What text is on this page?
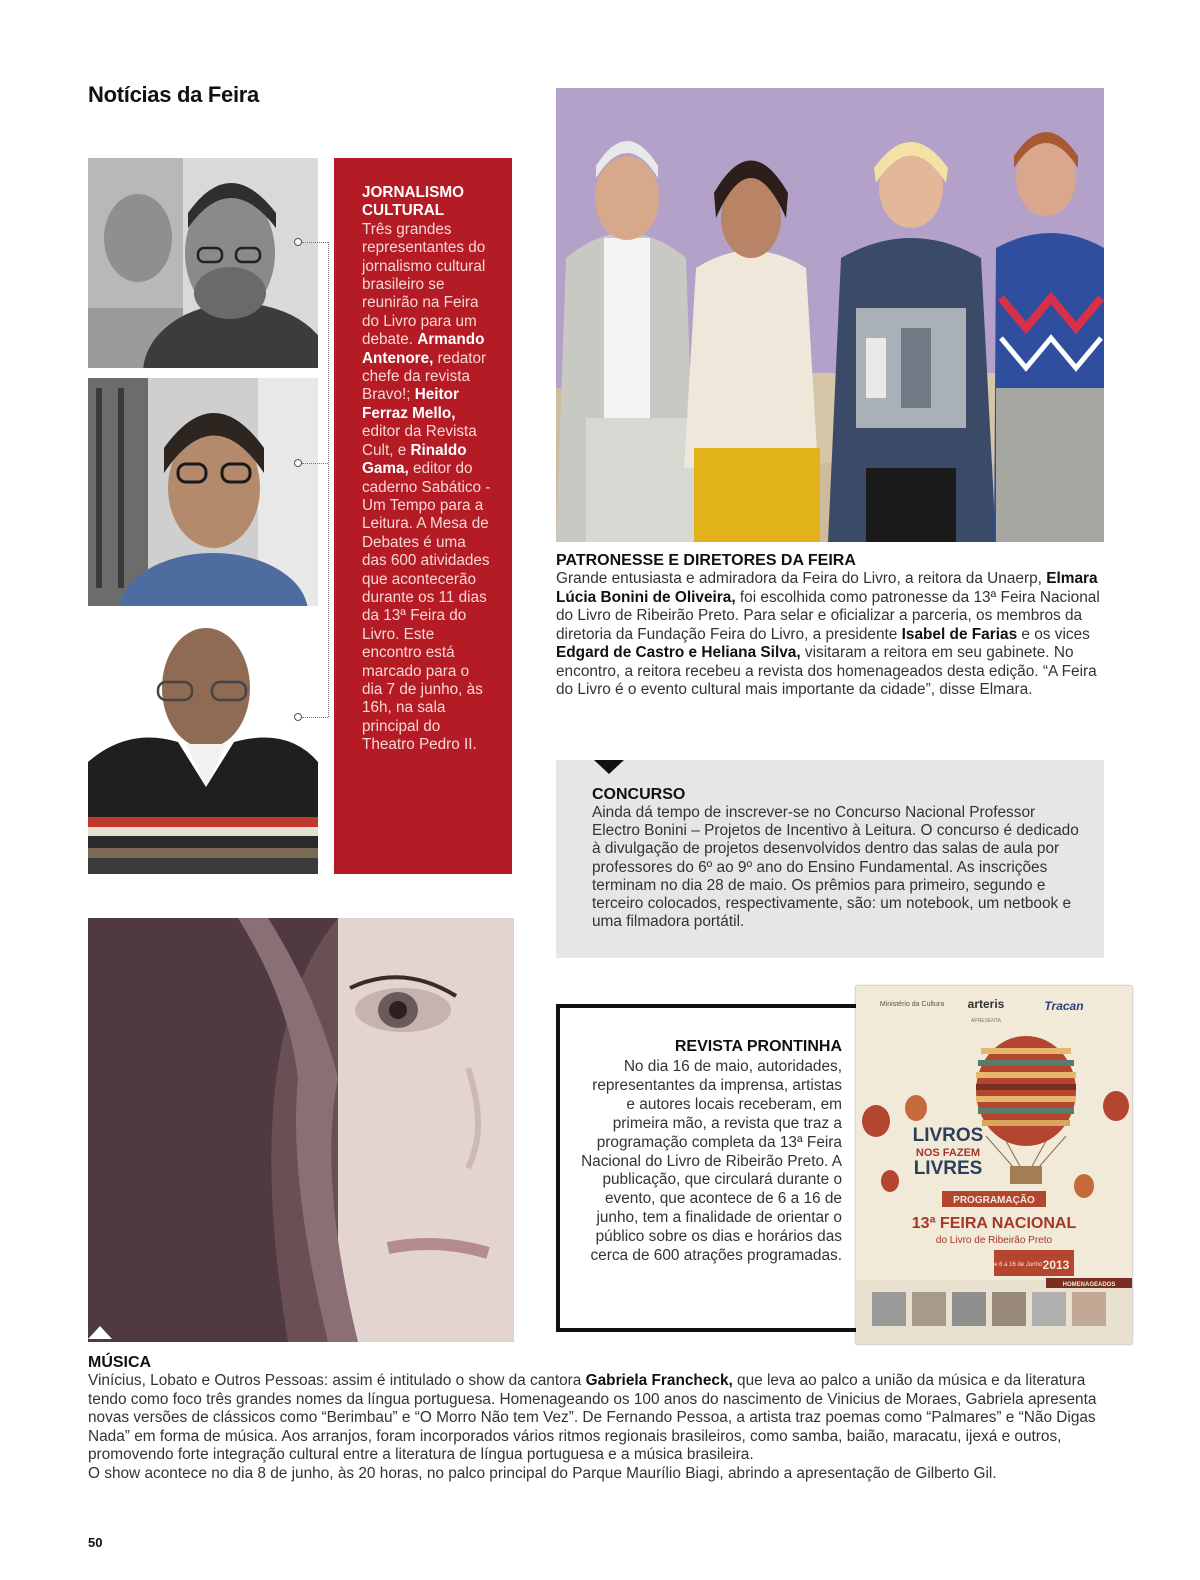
Notícias da Feira
JORNALISMO CULTURAL
Três grandes representantes do jornalismo cultural brasileiro se reunirão na Feira do Livro para um debate. Armando Antenore, redator chefe da revista Bravo!; Heitor Ferraz Mello, editor da Revista Cult, e Rinaldo Gama, editor do caderno Sabático - Um Tempo para a Leitura. A Mesa de Debates é uma das 600 atividades que acontecerão durante os 11 dias da 13ª Feira do Livro. Este encontro está marcado para o dia 7 de junho, às 16h, na sala principal do Theatro Pedro II.
PATRONESSE E DIRETORES DA FEIRA
Grande entusiasta e admiradora da Feira do Livro, a reitora da Unaerp, Elmara Lúcia Bonini de Oliveira, foi escolhida como patronesse da 13ª Feira Nacional do Livro de Ribeirão Preto. Para selar e oficializar a parceria, os membros da diretoria da Fundação Feira do Livro, a presidente Isabel de Farias e os vices Edgard de Castro e Heliana Silva, visitaram a reitora em seu gabinete. No encontro, a reitora recebeu a revista dos homenageados desta edição. “A Feira do Livro é o evento cultural mais importante da cidade”, disse Elmara.
CONCURSO
Ainda dá tempo de inscrever-se no Concurso Nacional Professor Electro Bonini – Projetos de Incentivo à Leitura. O concurso é dedicado à divulgação de projetos desenvolvidos dentro das salas de aula por professores do 6º ao 9º ano do Ensino Fundamental. As inscrições terminam no dia 28 de maio. Os prêmios para primeiro, segundo e terceiro colocados, respectivamente, são: um notebook, um netbook e uma filmadora portátil.
REVISTA PRONTINHA
No dia 16 de maio, autoridades, representantes da imprensa, artistas e autores locais receberam, em primeira mão, a revista que traz a programação completa da 13ª Feira Nacional do Livro de Ribeirão Preto. A publicação, que circulará durante o evento, que acontece de 6 a 16 de junho, tem a finalidade de orientar o público sobre os dias e horários das cerca de 600 atrações programadas.
Ministério da Cultura arteris	Tracan
APRESENTA
LIVROS
NOS FAZEM
LIVRES
PROGRAMAÇÃO
13ª FEIRA NACIONAL
do Livro de Ribeirão Preto
De 6 a 16 de Junho 2013
HOMENAGEADOS
MÚSICA
Vinícius, Lobato e Outros Pessoas: assim é intitulado o show da cantora Gabriela Francheck, que leva ao palco a união da música e da literatura tendo como foco três grandes nomes da língua portuguesa. Homenageando os 100 anos do nascimento de Vinicius de Moraes, Gabriela apresenta novas versões de clássicos como “Berimbau” e “O Morro Não tem Vez”. De Fernando Pessoa, a artista traz poemas como “Palmares” e “Não Digas Nada” em forma de música. Aos arranjos, foram incorporados vários ritmos regionais brasileiros, como samba, baião, maracatu, ijexá e outros, promovendo forte integração cultural entre a literatura de língua portuguesa e a música brasileira.
O show acontece no dia 8 de junho, às 20 horas, no palco principal do Parque Maurílio Biagi, abrindo a apresentação de Gilberto Gil.
50
